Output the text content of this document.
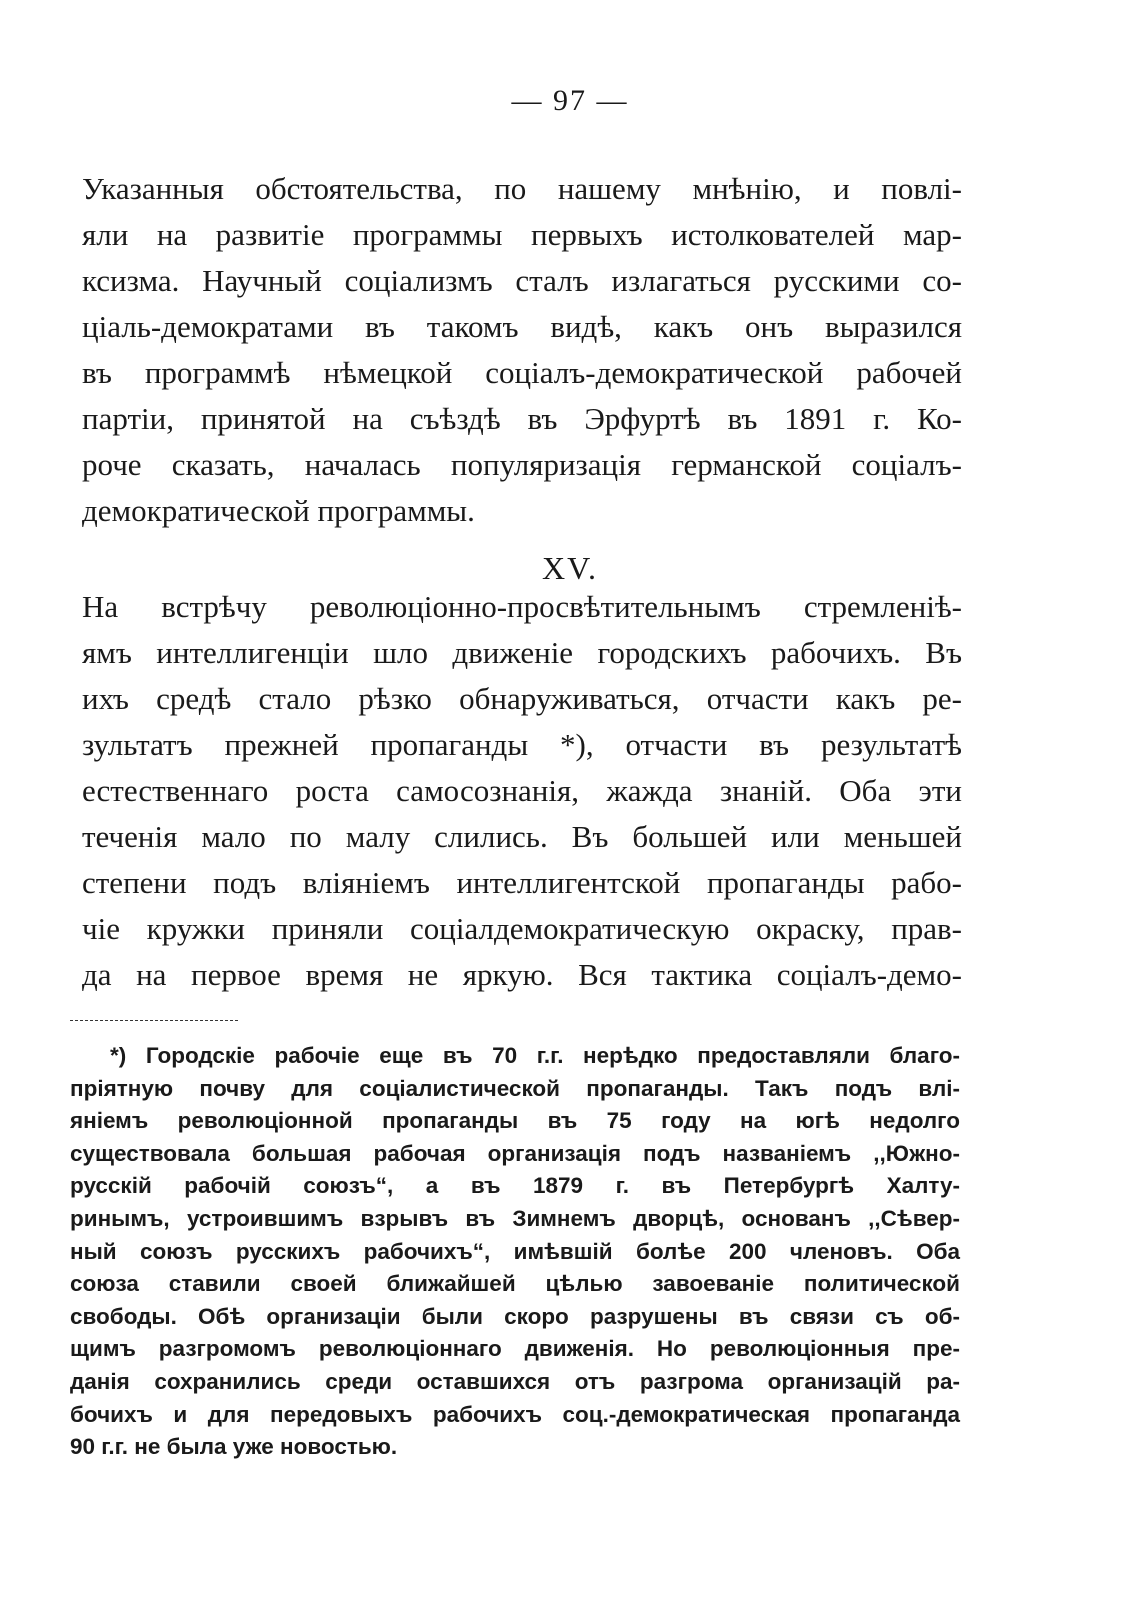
— 97 —
Указанныя обстоятельства, по нашему мнѣнію, и повлі-
яли на развитіе программы первыхъ истолкователей мар-
ксизма. Научный соціализмъ сталъ излагаться русскими со-
ціаль-демократами въ такомъ видѣ, какъ онъ выразился
въ программѣ нѣмецкой соціалъ-демократической рабочей
партіи, принятой на съѣздѣ въ Эрфуртѣ въ 1891 г. Ко-
роче сказать, началась популяризація германской соціалъ-
демократической программы.
XV.
На встрѣчу революціонно-просвѣтительнымъ стремленіѣ-
ямъ интеллигенціи шло движеніе городскихъ рабочихъ. Въ
ихъ средѣ стало рѣзко обнаруживаться, отчасти какъ ре-
зультатъ прежней пропаганды *), отчасти въ результатѣ
естественнаго роста самосознанія, жажда знаній. Оба эти
теченія мало по малу слились. Въ большей или меньшей
степени подъ вліяніемъ интеллигентской пропаганды рабо-
чіе кружки приняли соціалдемократическую окраску, прав-
да на первое время не яркую. Вся тактика соціалъ-демо-
*) Городскіе рабочіе еще въ 70 г.г. нерѣдко предоставляли благо-
пріятную почву для соціалистической пропаганды. Такъ подъ влі-
яніемъ революціонной пропаганды въ 75 году на югѣ недолго
существовала большая рабочая организація подъ названіемъ ,,Южно-
русскій рабочій союзъ“, а въ 1879 г. въ Петербургѣ Халту-
ринымъ, устроившимъ взрывъ въ Зимнемъ дворцѣ, основанъ ,,Сѣвер-
ный союзъ русскихъ рабочихъ“, имѣвшій болѣе 200 членовъ. Оба
союза ставили своей ближайшей цѣлью завоеваніе политической
свободы. Обѣ организаціи были скоро разрушены въ связи съ об-
щимъ разгромомъ революціоннаго движенія. Но революціонныя пре-
данія сохранились среди оставшихся отъ разгрома организацій ра-
бочихъ и для передовыхъ рабочихъ соц.-демократическая пропаганда
90 г.г. не была уже новостью.
